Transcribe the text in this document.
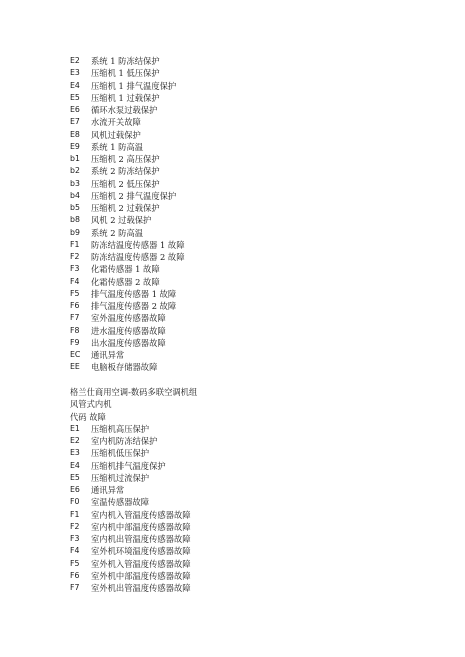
E2	系统 1 防冻结保护
E3	压缩机 1 低压保护
E4	压缩机 1 排气温度保护
E5	压缩机 1 过载保护
E6	循环水泵过载保护
E7	水流开关故障
E8	风机过载保护
E9	系统 1 防高温
b1	压缩机 2 高压保护
b2	系统 2 防冻结保护
b3	压缩机 2 低压保护
b4	压缩机 2 排气温度保护
b5	压缩机 2 过载保护
b8	风机 2 过载保护
b9	系统 2 防高温
F1	防冻结温度传感器 1 故障
F2	防冻结温度传感器 2 故障
F3	化霜传感器 1 故障
F4	化霜传感器 2 故障
F5	排气温度传感器 1 故障
F6	排气温度传感器 2 故障
F7	室外温度传感器故障
F8	进水温度传感器故障
F9	出水温度传感器故障
EC	通讯异常
EE	电脑板存储器故障
格兰仕商用空调-数码多联空调机组
风管式内机
代码 故障
E1	压缩机高压保护
E2	室内机防冻结保护
E3	压缩机低压保护
E4	压缩机排气温度保护
E5	压缩机过流保护
E6	通讯异常
F0	室温传感器故障
F1	室内机入管温度传感器故障
F2	室内机中部温度传感器故障
F3	室内机出管温度传感器故障
F4	室外机环境温度传感器故障
F5	室外机入管温度传感器故障
F6	室外机中部温度传感器故障
F7	室外机出管温度传感器故障
